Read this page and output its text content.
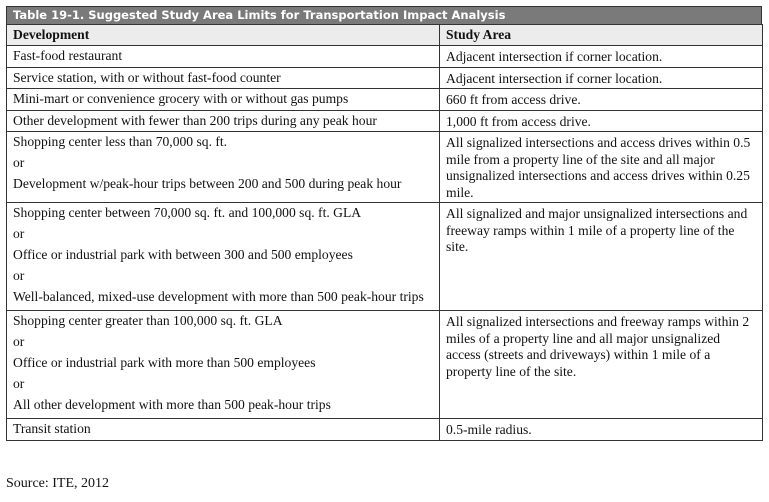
Table 19-1. Suggested Study Area Limits for Transportation Impact Analysis
Development	Study Area

Fast-food restaurant	Adjacent intersection if corner location.

Service station, with or without fast-food counter	Adjacent intersection if corner location.

Mini-mart or convenience grocery with or without gas pumps	660 ft from access drive.

Other development with fewer than 200 trips during any peak hour	1,000 ft from access drive.

Shopping center less than 70,000 sq. ft.
or
Development w/peak-hour trips between 200 and 500 during peak hour	All signalized intersections and access drives within 0.5 mile from a property line of the site and all major unsignalized intersections and access drives within 0.25 mile.

Shopping center between 70,000 sq. ft. and 100,000 sq. ft. GLA
or
Office or industrial park with between 300 and 500 employees
or
Well-balanced, mixed-use development with more than 500 peak-hour trips	All signalized and major unsignalized intersections and freeway ramps within 1 mile of a property line of the site.

Shopping center greater than 100,000 sq. ft. GLA
or
Office or industrial park with more than 500 employees
or
All other development with more than 500 peak-hour trips	All signalized intersections and freeway ramps within 2 miles of a property line and all major unsignalized access (streets and driveways) within 1 mile of a property line of the site.

Transit station	0.5-mile radius.
Source: ITE, 2012
